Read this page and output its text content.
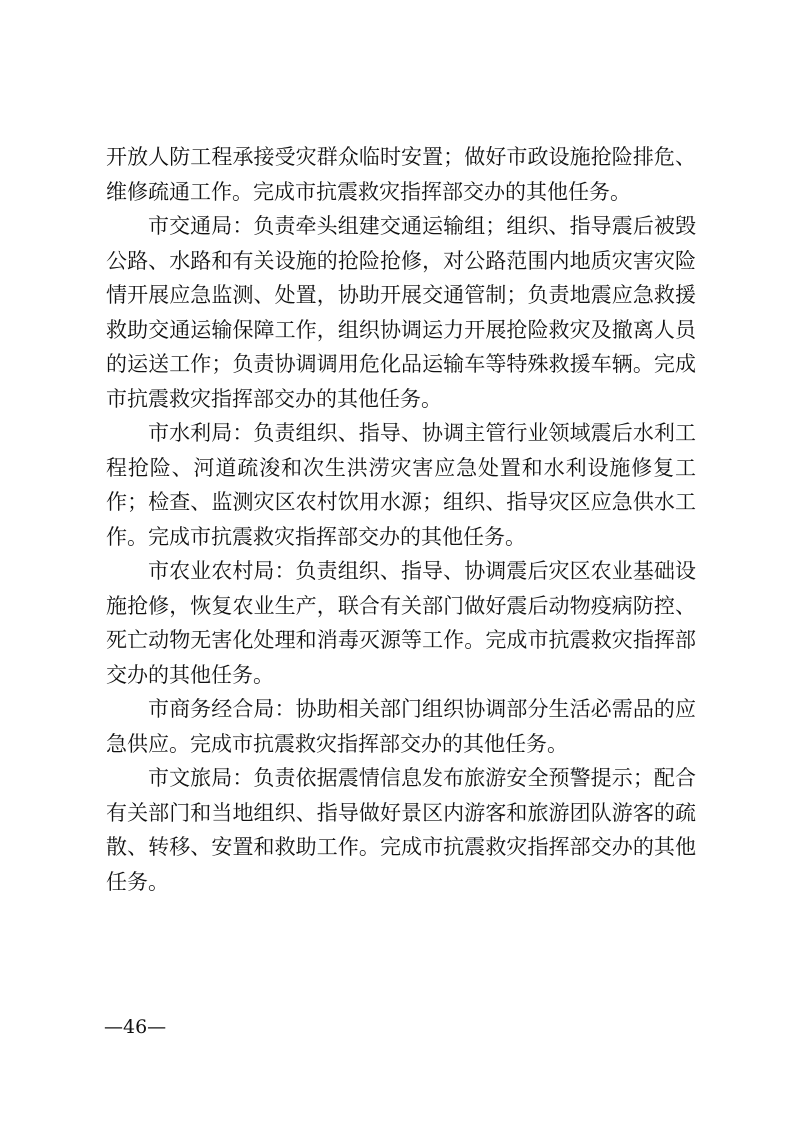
开放人防工程承接受灾群众临时安置；做好市政设施抢险排危、
维修疏通工作。完成市抗震救灾指挥部交办的其他任务。
市交通局：负责牵头组建交通运输组；组织、指导震后被毁
公路、水路和有关设施的抢险抢修，对公路范围内地质灾害灾险
情开展应急监测、处置，协助开展交通管制；负责地震应急救援
救助交通运输保障工作，组织协调运力开展抢险救灾及撤离人员
的运送工作；负责协调调用危化品运输车等特殊救援车辆。完成
市抗震救灾指挥部交办的其他任务。
市水利局：负责组织、指导、协调主管行业领域震后水利工
程抢险、河道疏浚和次生洪涝灾害应急处置和水利设施修复工
作；检查、监测灾区农村饮用水源；组织、指导灾区应急供水工
作。完成市抗震救灾指挥部交办的其他任务。
市农业农村局：负责组织、指导、协调震后灾区农业基础设
施抢修，恢复农业生产，联合有关部门做好震后动物疫病防控、
死亡动物无害化处理和消毒灭源等工作。完成市抗震救灾指挥部
交办的其他任务。
市商务经合局：协助相关部门组织协调部分生活必需品的应
急供应。完成市抗震救灾指挥部交办的其他任务。
市文旅局：负责依据震情信息发布旅游安全预警提示；配合
有关部门和当地组织、指导做好景区内游客和旅游团队游客的疏
散、转移、安置和救助工作。完成市抗震救灾指挥部交办的其他
任务。
—46—
